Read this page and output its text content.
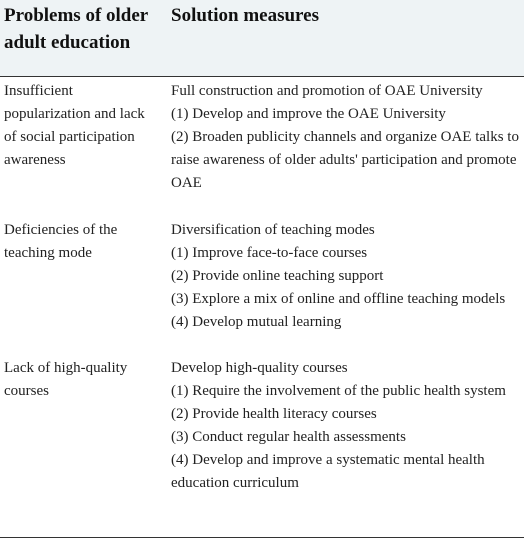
Problems of older adult education
Solution measures
Insufficient popularization and lack of social participation awareness
Full construction and promotion of OAE University
(1) Develop and improve the OAE University
(2) Broaden publicity channels and organize OAE talks to raise awareness of older adults' participation and promote OAE
Deficiencies of the teaching mode
Diversification of teaching modes
(1) Improve face-to-face courses
(2) Provide online teaching support
(3) Explore a mix of online and offline teaching models
(4) Develop mutual learning
Lack of high-quality courses
Develop high-quality courses
(1) Require the involvement of the public health system
(2) Provide health literacy courses
(3) Conduct regular health assessments
(4) Develop and improve a systematic mental health education curriculum
